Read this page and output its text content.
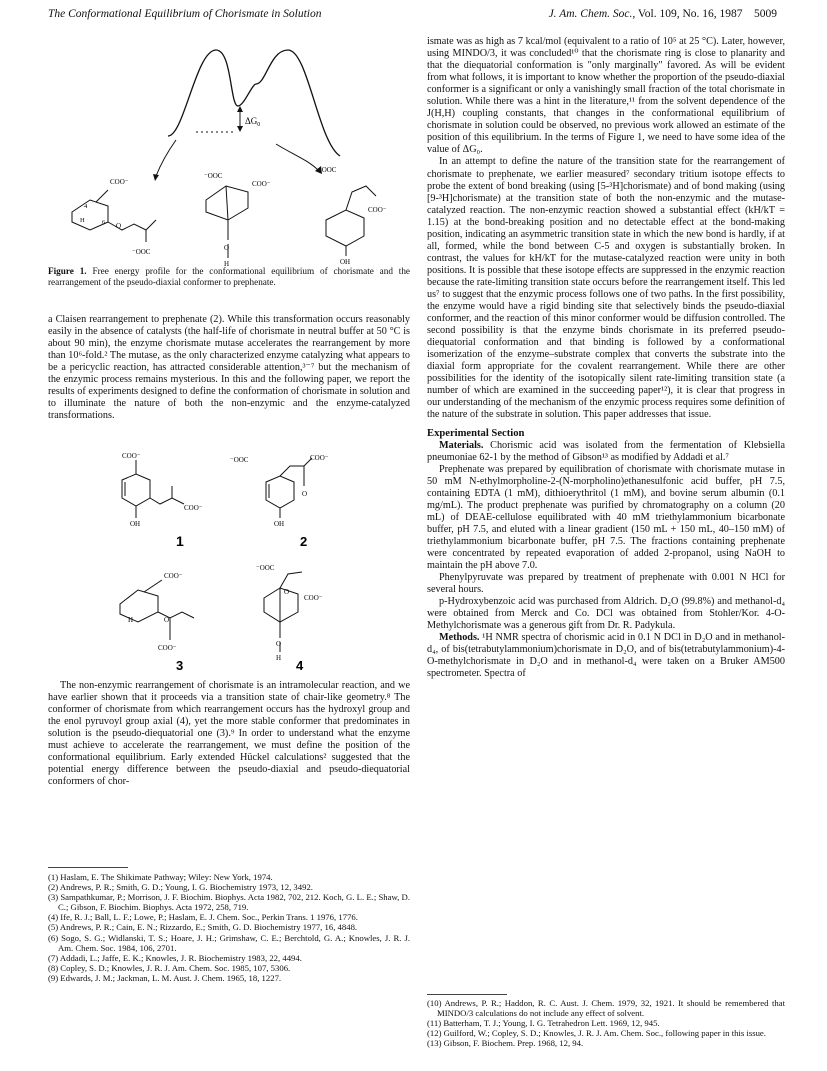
The Conformational Equilibrium of Chorismate in Solution	J. Am. Chem. Soc., Vol. 109, No. 16, 1987 5009
$\Delta G_0$
COO⁻
4
H
O
⁻OOC
6
⁻OOC
COO⁻
O
H
⁻OOC
COO⁻
OH
Figure 1. Free energy profile for the conformational equilibrium of chorismate and the rearrangement of the pseudo-diaxial conformer to prephenate.

a Claisen rearrangement to prephenate (2). While this transformation occurs reasonably easily in the absence of catalysts (the half-life of chorismate in neutral buffer at 50 °C is about 90 min), the enzyme chorismate mutase accelerates the rearrangement by more than 10⁶-fold.² The mutase, as the only characterized enzyme catalyzing what appears to be a pericyclic reaction, has attracted considerable attention,³⁻⁷ but the mechanism of the enzymic process remains mysterious. In this and the following paper, we report the results of experiments designed to define the conformation of chorismate in solution and to illuminate the nature of both the non-enzymic and the enzyme-catalyzed transformations.

COO⁻
COO⁻
OH
1
⁻OOC	COO⁻
O
OH
2
COO⁻
H	O
COO⁻
3
⁻OOC
COO⁻
O
O
H 4

The non-enzymic rearrangement of chorismate is an intramolecular reaction, and we have earlier shown that it proceeds via a transition state of chair-like geometry.⁸ The conformer of chorismate from which rearrangement occurs has the hydroxyl group and the enol pyruvoyl group axial (4), yet the more stable conformer that predominates in solution is the pseudo-diequatorial one (3).⁹ In order to understand what the enzyme must achieve to accelerate the rearrangement, we must define the position of the conformational equilibrium. Early extended Hückel calculations² suggested that the potential energy difference between the pseudo-diaxial and pseudo-diequatorial conformers of chor-

(1) Haslam, E. The Shikimate Pathway; Wiley: New York, 1974.
(2) Andrews, P. R.; Smith, G. D.; Young, I. G. Biochemistry 1973, 12, 3492.
(3) Sampathkumar, P.; Morrison, J. F. Biochim. Biophys. Acta 1982, 702, 212. Koch, G. L. E.; Shaw, D. C.; Gibson, F. Biochim. Biophys. Acta 1972, 258, 719.
(4) Ife, R. J.; Ball, L. F.; Lowe, P.; Haslam, E. J. Chem. Soc., Perkin Trans. 1 1976, 1776.
(5) Andrews, P. R.; Cain, E. N.; Rizzardo, E.; Smith, G. D. Biochemistry 1977, 16, 4848.
(6) Sogo, S. G.; Widlanski, T. S.; Hoare, J. H.; Grimshaw, C. E.; Berchtold, G. A.; Knowles, J. R. J. Am. Chem. Soc. 1984, 106, 2701.
(7) Addadi, L.; Jaffe, E. K.; Knowles, J. R. Biochemistry 1983, 22, 4494.
(8) Copley, S. D.; Knowles, J. R. J. Am. Chem. Soc. 1985, 107, 5306.
(9) Edwards, J. M.; Jackman, L. M. Aust. J. Chem. 1965, 18, 1227.

ismate was as high as 7 kcal/mol (equivalent to a ratio of 10⁵ at 25 °C). Later, however, using MINDO/3, it was concluded¹⁰ that the chorismate ring is close to planarity and that the diequatorial conformation is "only marginally" favored. As will be evident from what follows, it is important to know whether the proportion of the pseudo-diaxial conformer is a significant or only a vanishingly small fraction of the total chorismate in solution. While there was a hint in the literature,¹¹ from the solvent dependence of the J(H,H) coupling constants, that changes in the conformational equilibrium of chorismate in solution could be observed, no previous work allowed an estimate of the position of this equilibrium. In the terms of Figure 1, we need to have some idea of the value of ΔG₀.

In an attempt to define the nature of the transition state for the rearrangement of chorismate to prephenate, we earlier measured⁷ secondary tritium isotope effects to probe the extent of bond breaking (using [5-³H]chorismate) and of bond making (using [9-³H]chorismate) at the transition state of both the non-enzymic and the mutase-catalyzed reaction. The non-enzymic reaction showed a substantial effect (kH/kT = 1.15) at the bond-breaking position and no detectable effect at the bond-making position, indicating an asymmetric transition state in which the new bond is hardly, if at all, formed, while the bond between C-5 and oxygen is substantially broken. In contrast, the values for kH/kT for the mutase-catalyzed reaction were unity in both positions. It is possible that these isotope effects are suppressed in the enzymic reaction because the rate-limiting transition state occurs before the rearrangement itself. This led us⁷ to suggest that the enzymic process follows one of two paths. In the first possibility, the enzyme would have a rigid binding site that selectively binds the pseudo-diaxial conformer, and the reaction of this minor conformer would be diffusion controlled. The second possibility is that the enzyme binds chorismate in its preferred pseudo-diequatorial conformation and that binding is followed by a conformational isomerization of the enzyme–substrate complex that converts the substrate into the diaxial form appropriate for the covalent rearrangement. While there are other possibilities for the identity of the isotopically silent rate-limiting transition state (a number of which are examined in the succeeding paper¹²), it is clear that progress in our understanding of the mechanism of the enzymic process requires some definition of the nature of the substrate in solution. This paper addresses that issue.

Experimental Section

Materials. Chorismic acid was isolated from the fermentation of Klebsiella pneumoniae 62-1 by the method of Gibson¹³ as modified by Addadi et al.⁷

Prephenate was prepared by equilibration of chorismate with chorismate mutase in 50 mM N-ethylmorpholine-2-(N-morpholino)ethanesulfonic acid buffer, pH 7.5, containing EDTA (1 mM), dithioerythritol (1 mM), and bovine serum albumin (0.1 mg/mL). The product prephenate was purified by chromatography on a column (20 mL) of DEAE-cellulose equilibrated with 40 mM triethylammonium bicarbonate buffer, pH 7.5, and eluted with a linear gradient (150 mL + 150 mL, 40–150 mM) of triethylammonium bicarbonate buffer, pH 7.5. The fractions containing prephenate were concentrated by repeated evaporation of added 2-propanol, using NaOH to maintain the pH above 7.0.

Phenylpyruvate was prepared by treatment of prephenate with 0.001 N HCl for several hours.

p-Hydroxybenzoic acid was purchased from Aldrich. D₂O (99.8%) and methanol-d₄ were obtained from Merck and Co. DCl was obtained from Stohler/Kor. 4-O-Methylchorismate was a generous gift from Dr. R. Padykula.

Methods. ¹H NMR spectra of chorismic acid in 0.1 N DCl in D₂O and in methanol-d₄, of bis(tetrabutylammonium)chorismate in D₂O, and of bis(tetrabutylammonium)-4-O-methylchorismate in D₂O and in methanol-d₄ were taken on a Bruker AM500 spectrometer. Spectra of

(10) Andrews, P. R.; Haddon, R. C. Aust. J. Chem. 1979, 32, 1921. It should be remembered that MINDO/3 calculations do not include any effect of solvent.
(11) Batterham, T. J.; Young, I. G. Tetrahedron Lett. 1969, 12, 945.
(12) Guilford, W.; Copley, S. D.; Knowles, J. R. J. Am. Chem. Soc., following paper in this issue.
(13) Gibson, F. Biochem. Prep. 1968, 12, 94.
